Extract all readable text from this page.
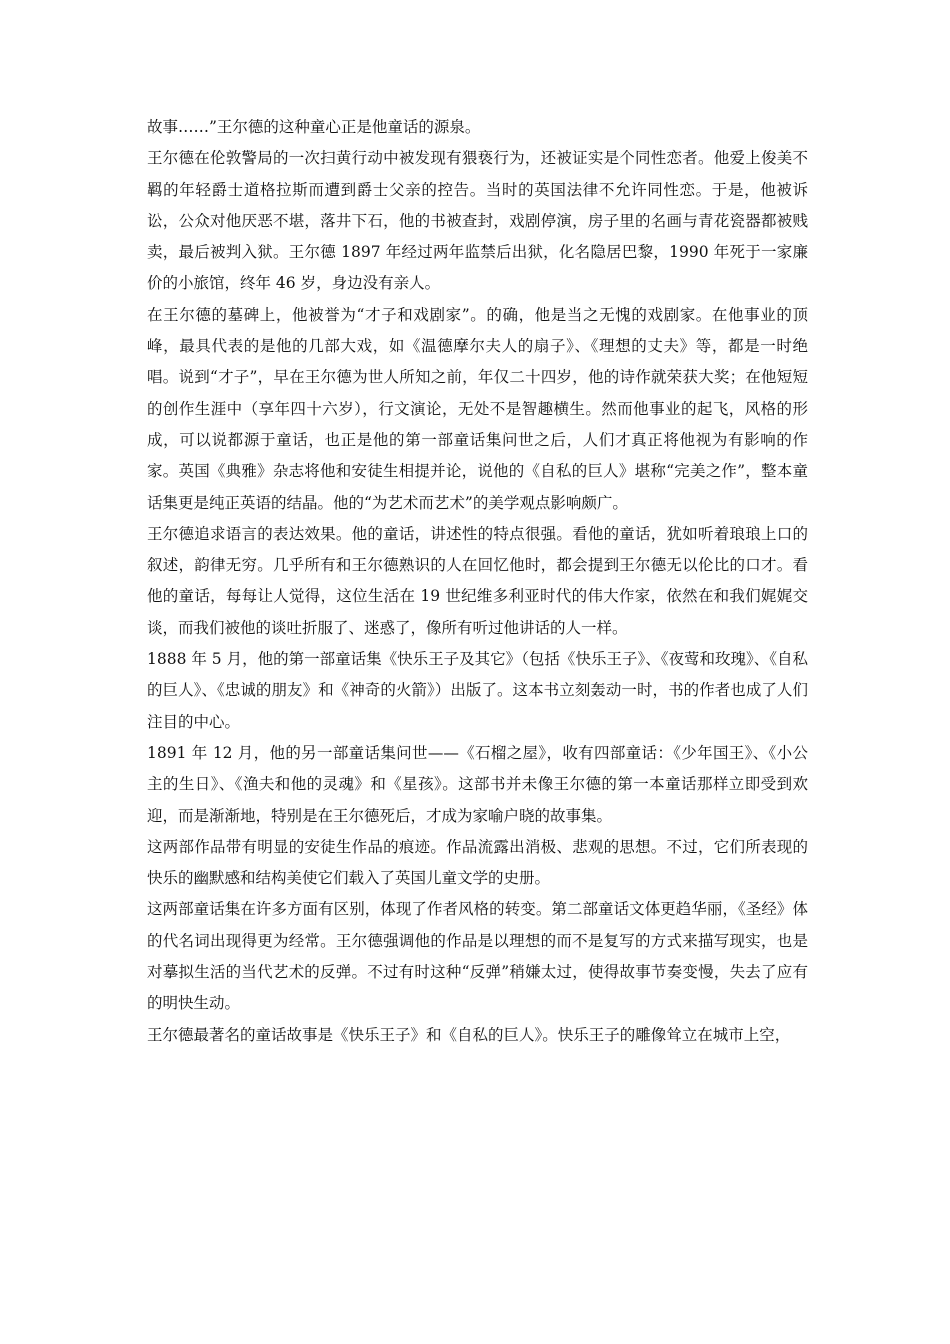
故事……”王尔德的这种童心正是他童话的源泉。

王尔德在伦敦警局的一次扫黄行动中被发现有猥亵行为，还被证实是个同性恋者。他爱上俊美不羁的年轻爵士道格拉斯而遭到爵士父亲的控告。当时的英国法律不允许同性恋。于是，他被诉讼，公众对他厌恶不堪，落井下石，他的书被查封，戏剧停演，房子里的名画与青花瓷器都被贱卖，最后被判入狱。王尔德 1897 年经过两年监禁后出狱，化名隐居巴黎，1990 年死于一家廉价的小旅馆，终年 46 岁，身边没有亲人。

在王尔德的墓碑上，他被誉为“才子和戏剧家”。的确，他是当之无愧的戏剧家。在他事业的顶峰，最具代表的是他的几部大戏，如《温德摩尔夫人的扇子》、《理想的丈夫》等，都是一时绝唱。说到“才子”，早在王尔德为世人所知之前，年仅二十四岁，他的诗作就荣获大奖；在他短短的创作生涯中（享年四十六岁），行文演论，无处不是智趣横生。然而他事业的起飞，风格的形成，可以说都源于童话，也正是他的第一部童话集问世之后，人们才真正将他视为有影响的作家。英国《典雅》杂志将他和安徒生相提并论，说他的《自私的巨人》堪称“完美之作”，整本童话集更是纯正英语的结晶。他的“为艺术而艺术”的美学观点影响颇广。

王尔德追求语言的表达效果。他的童话，讲述性的特点很强。看他的童话，犹如听着琅琅上口的叙述，韵律无穷。几乎所有和王尔德熟识的人在回忆他时，都会提到王尔德无以伦比的口才。看他的童话，每每让人觉得，这位生活在 19 世纪维多利亚时代的伟大作家，依然在和我们娓娓交谈，而我们被他的谈吐折服了、迷惑了，像所有听过他讲话的人一样。

1888 年 5 月，他的第一部童话集《快乐王子及其它》（包括《快乐王子》、《夜莺和玫瑰》、《自私的巨人》、《忠诚的朋友》和《神奇的火箭》）出版了。这本书立刻轰动一时，书的作者也成了人们注目的中心。

1891 年 12 月，他的另一部童话集问世——《石榴之屋》，收有四部童话：《少年国王》、《小公主的生日》、《渔夫和他的灵魂》和《星孩》。这部书并未像王尔德的第一本童话那样立即受到欢迎，而是渐渐地，特别是在王尔德死后，才成为家喻户晓的故事集。

这两部作品带有明显的安徒生作品的痕迹。作品流露出消极、悲观的思想。不过，它们所表现的快乐的幽默感和结构美使它们载入了英国儿童文学的史册。

这两部童话集在许多方面有区别，体现了作者风格的转变。第二部童话文体更趋华丽，《圣经》体的代名词出现得更为经常。王尔德强调他的作品是以理想的而不是复写的方式来描写现实，也是对摹拟生活的当代艺术的反弹。不过有时这种“反弹”稍嫌太过，使得故事节奏变慢，失去了应有的明快生动。

王尔德最著名的童话故事是《快乐王子》和《自私的巨人》。快乐王子的雕像耸立在城市上空，
